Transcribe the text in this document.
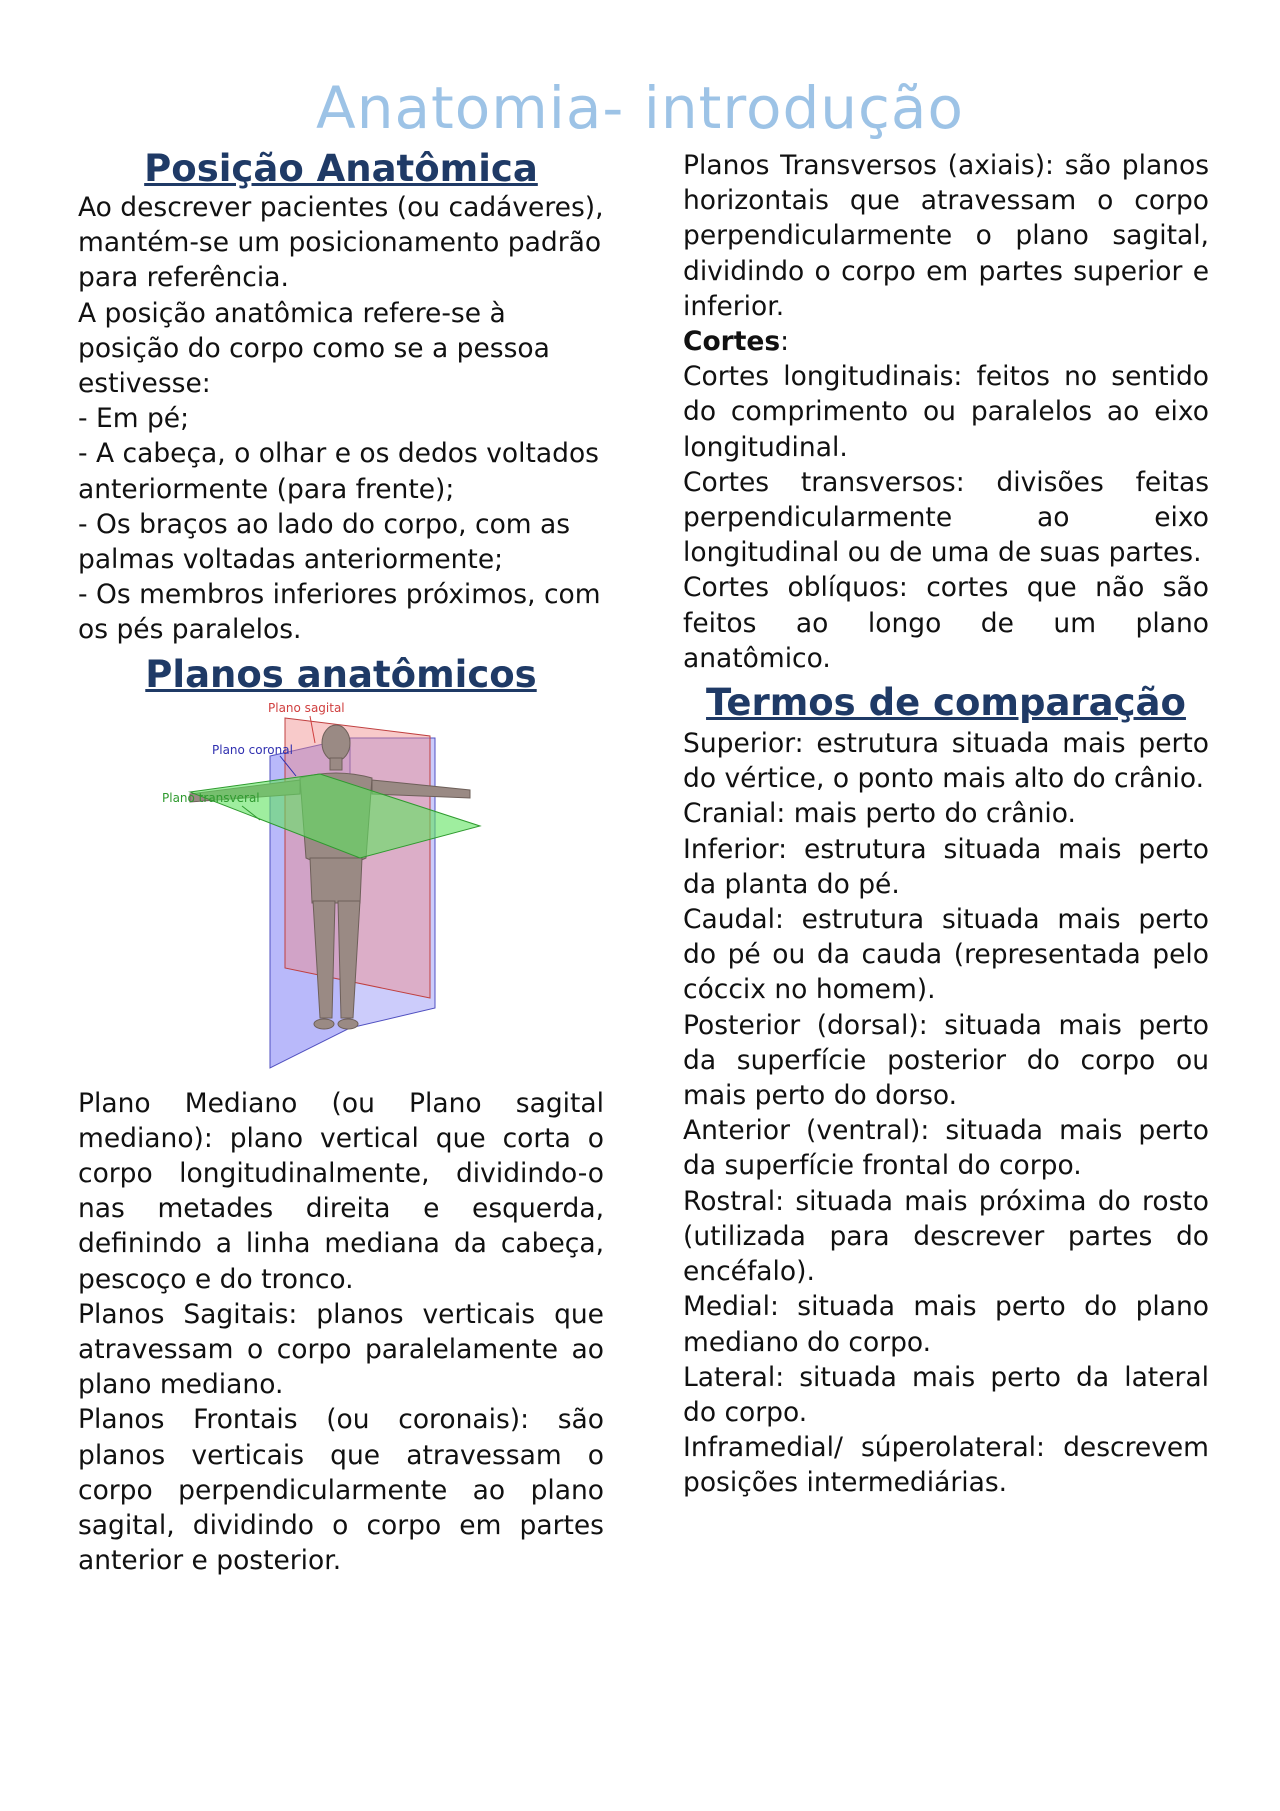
Anatomia- introdução
Posição Anatômica

Ao descrever pacientes (ou cadáveres), mantém-se um posicionamento padrão para referência.

A posição anatômica refere-se à posição do corpo como se a pessoa estivesse:

- Em pé;

- A cabeça, o olhar e os dedos voltados anteriormente (para frente);

- Os braços ao lado do corpo, com as palmas voltadas anteriormente;

- Os membros inferiores próximos, com os pés paralelos.

Planos anatômicos
Plano sagital
Plano coronal
Plano transveral

Plano Mediano (ou Plano sagital mediano): plano vertical que corta o corpo longitudinalmente, dividindo-o nas metades direita e esquerda, definindo a linha mediana da cabeça, pescoço e do tronco.

Planos Sagitais: planos verticais que atravessam o corpo paralelamente ao plano mediano.

Planos Frontais (ou coronais): são planos verticais que atravessam o corpo perpendicularmente ao plano sagital, dividindo o corpo em partes anterior e posterior.

Planos Transversos (axiais): são planos horizontais que atravessam o corpo perpendicularmente o plano sagital, dividindo o corpo em partes superior e inferior.

Cortes:

Cortes longitudinais: feitos no sentido do comprimento ou paralelos ao eixo longitudinal.

Cortes transversos: divisões feitas perpendicularmente ao eixo longitudinal ou de uma de suas partes.

Cortes oblíquos: cortes que não são feitos ao longo de um plano anatômico.

Termos de comparação

Superior: estrutura situada mais perto do vértice, o ponto mais alto do crânio.

Cranial: mais perto do crânio.

Inferior: estrutura situada mais perto da planta do pé.

Caudal: estrutura situada mais perto do pé ou da cauda (representada pelo cóccix no homem).

Posterior (dorsal): situada mais perto da superfície posterior do corpo ou mais perto do dorso.

Anterior (ventral): situada mais perto da superfície frontal do corpo.

Rostral: situada mais próxima do rosto (utilizada para descrever partes do encéfalo).

Medial: situada mais perto do plano mediano do corpo.

Lateral: situada mais perto da lateral do corpo.

Inframedial/ súperolateral: descrevem posições intermediárias.
